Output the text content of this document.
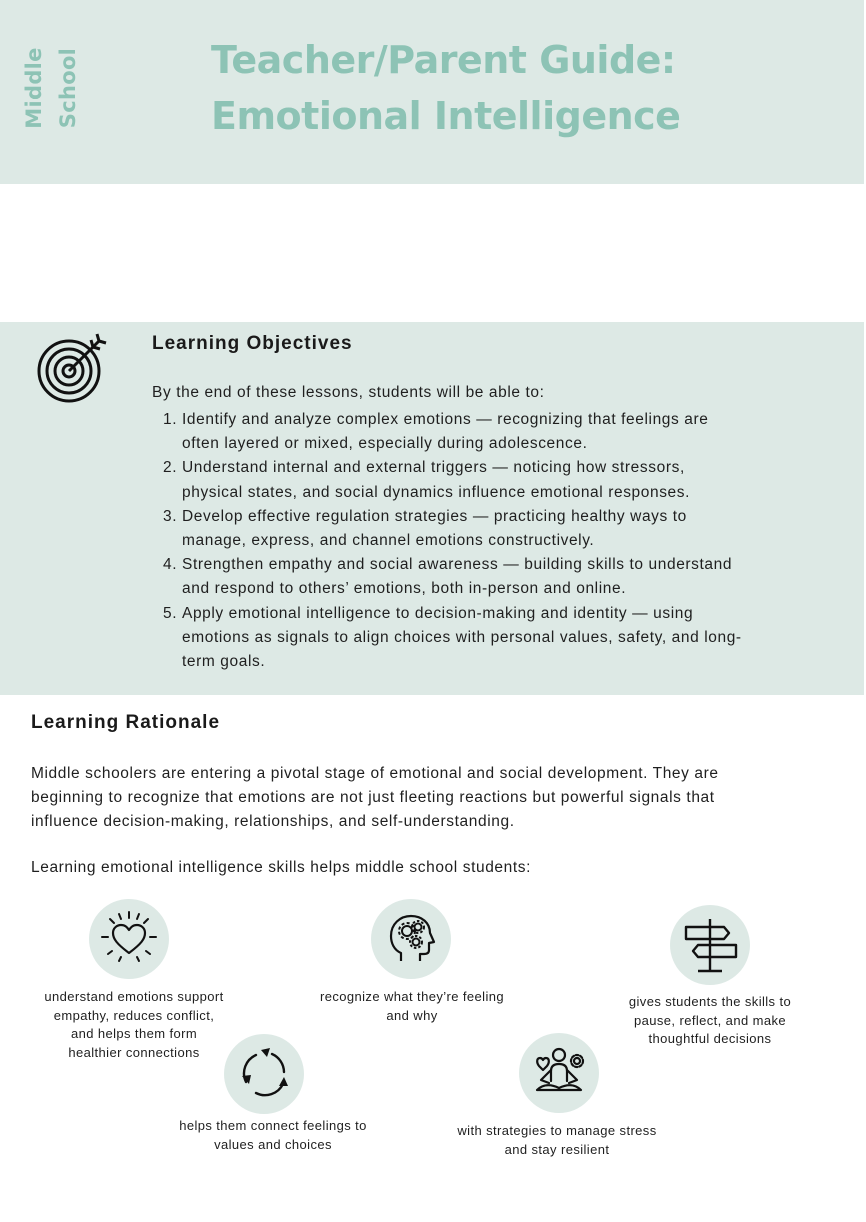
Middle School	Teacher/Parent Guide:
Emotional Intelligence
Learning Objectives
By the end of these lessons, students will be able to:
1. Identify and analyze complex emotions — recognizing that feelings are
often layered or mixed, especially during adolescence.
2. Understand internal and external triggers — noticing how stressors,
physical states, and social dynamics influence emotional responses.
3. Develop effective regulation strategies — practicing healthy ways to
manage, express, and channel emotions constructively.
4. Strengthen empathy and social awareness — building skills to understand
and respond to others’ emotions, both in-person and online.
5. Apply emotional intelligence to decision-making and identity — using
emotions as signals to align choices with personal values, safety, and long-
term goals.
Learning Rationale
Middle schoolers are entering a pivotal stage of emotional and social development. They are
beginning to recognize that emotions are not just fleeting reactions but powerful signals that
influence decision-making, relationships, and self-understanding.
Learning emotional intelligence skills helps middle school students:
understand emotions support
empathy, reduces conflict,
and helps them form
healthier connections
recognize what they’re feeling
and why
gives students the skills to
pause, reflect, and make
thoughtful decisions
helps them connect feelings to
values and choices
with strategies to manage stress
and stay resilient
